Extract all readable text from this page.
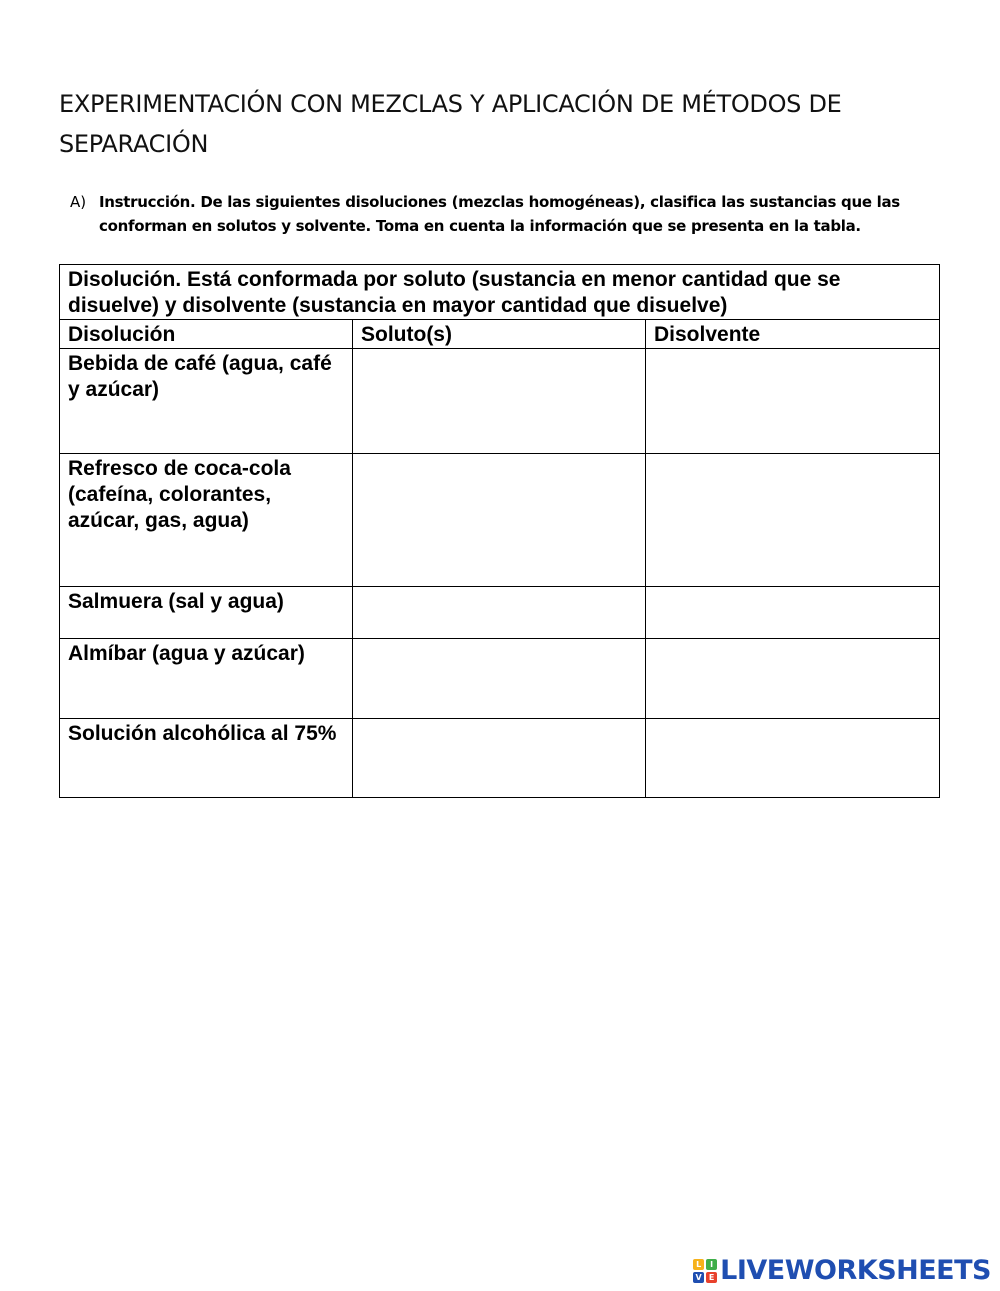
EXPERIMENTACIÓN CON MEZCLAS Y APLICACIÓN DE MÉTODOS DE SEPARACIÓN
A) Instrucción. De las siguientes disoluciones (mezclas homogéneas), clasifica las sustancias que las conforman en solutos y solvente. Toma en cuenta la información que se presenta en la tabla.
Disolución. Está conformada por soluto (sustancia en menor cantidad que se disuelve) y disolvente (sustancia en mayor cantidad que disuelve)		
Disolución	Soluto(s)	Disolvente
Bebida de café (agua, café y azúcar)		
Refresco de coca-cola (cafeína, colorantes, azúcar, gas, agua)		
Salmuera (sal y agua)		
Almíbar (agua y azúcar)		
Solución alcohólica al 75%		
L	I
V E LIVEWORKSHEETS
